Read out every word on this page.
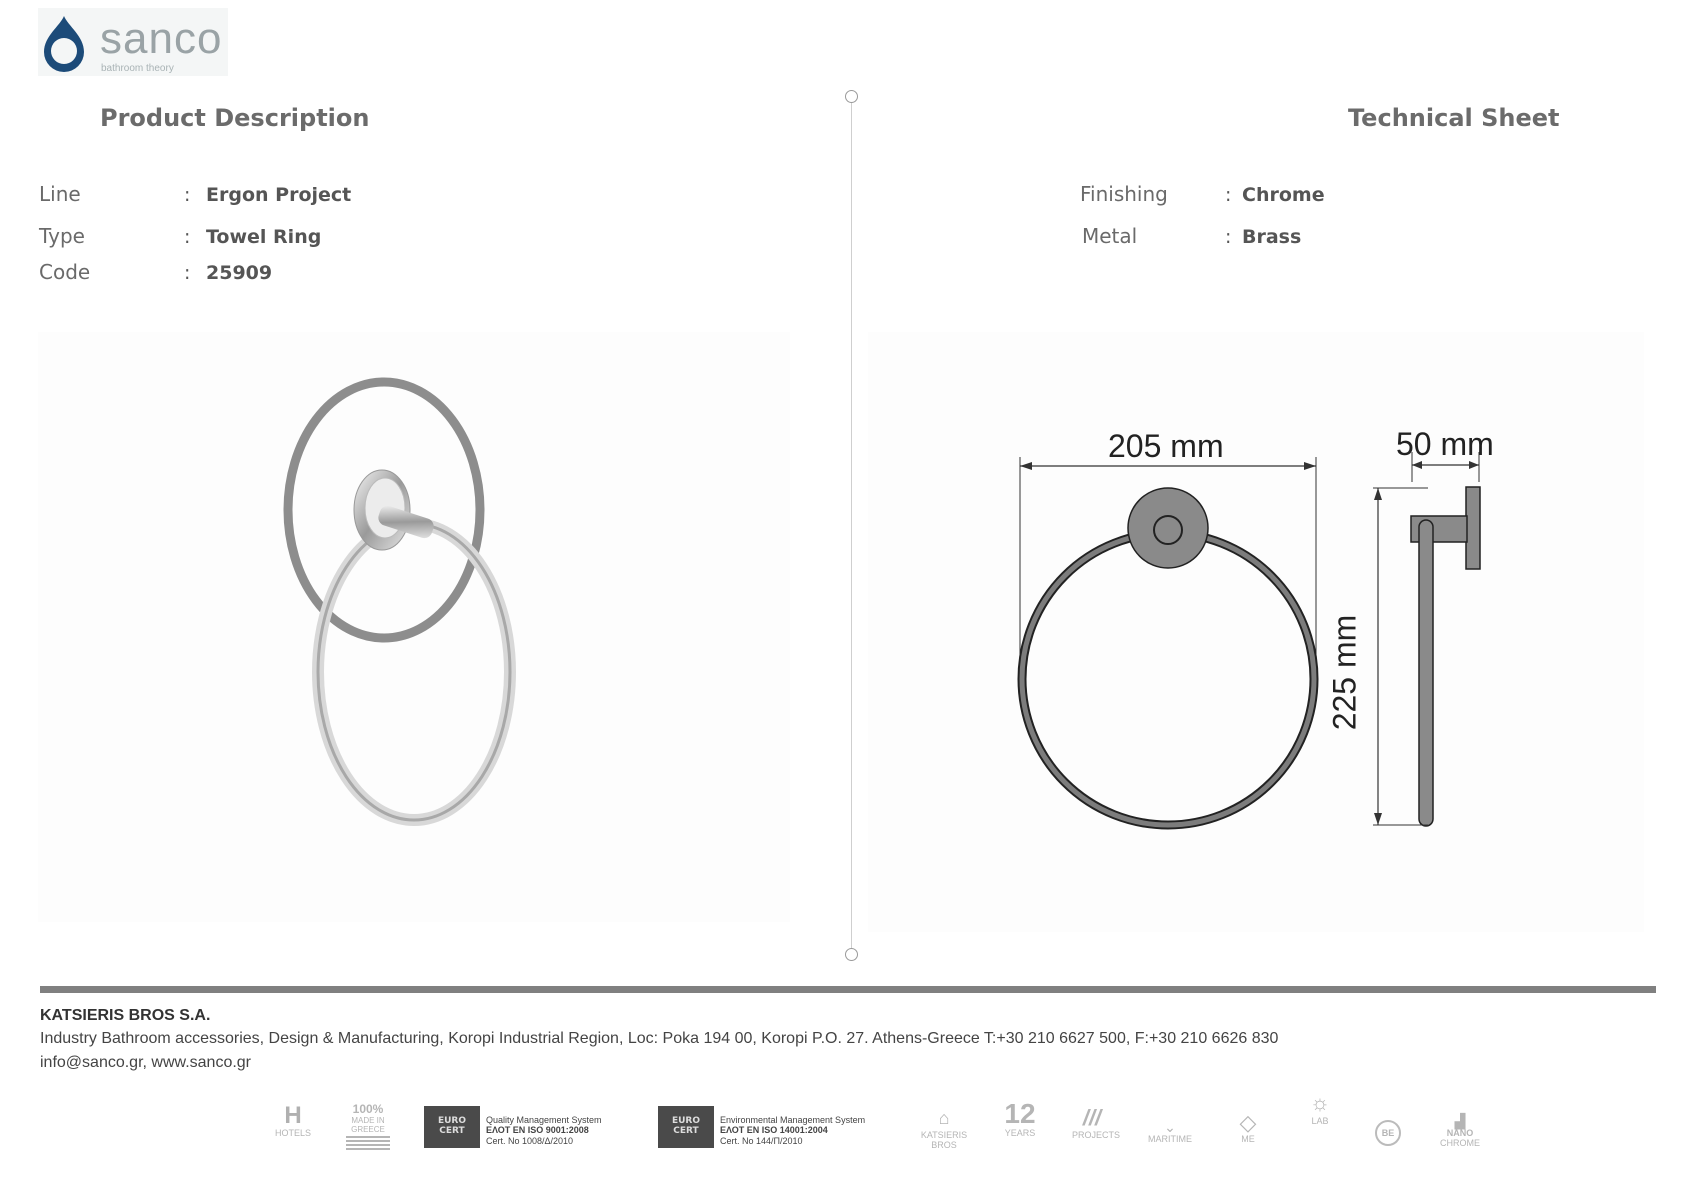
sanco
bathroom theory
Product Description	Technical Sheet
Line	: Ergon Project
Type	: Towel Ring
Code	: 25909
Finishing	: Chrome
Metal	: Brass
205 mm	50 mm
225 mm
KATSIERIS BROS S.A.
Industry Bathroom accessories, Design & Manufacturing, Koropi Industrial Region, Loc: Poka 194 00, Koropi P.O. 27. Athens-Greece T:+30 210 6627 500, F:+30 210 6626 830
info@sanco.gr, www.sanco.gr
H
HOTELS
100%
MADE IN GREECE
EURO CERT
Quality Management System
ΕΛΟΤ EN ISO 9001:2008
Cert. No 1008/Δ/2010
EURO CERT
Environmental Management System
ΕΛΟΤ EN ISO 14001:2004
Cert. No 144/Π/2010
⌂
KATSIERIS BROS
12
YEARS
///
PROJECTS	⌄
MARITIME
◇
ME
☼
LAB
BE
▟
NANO
CHROME
